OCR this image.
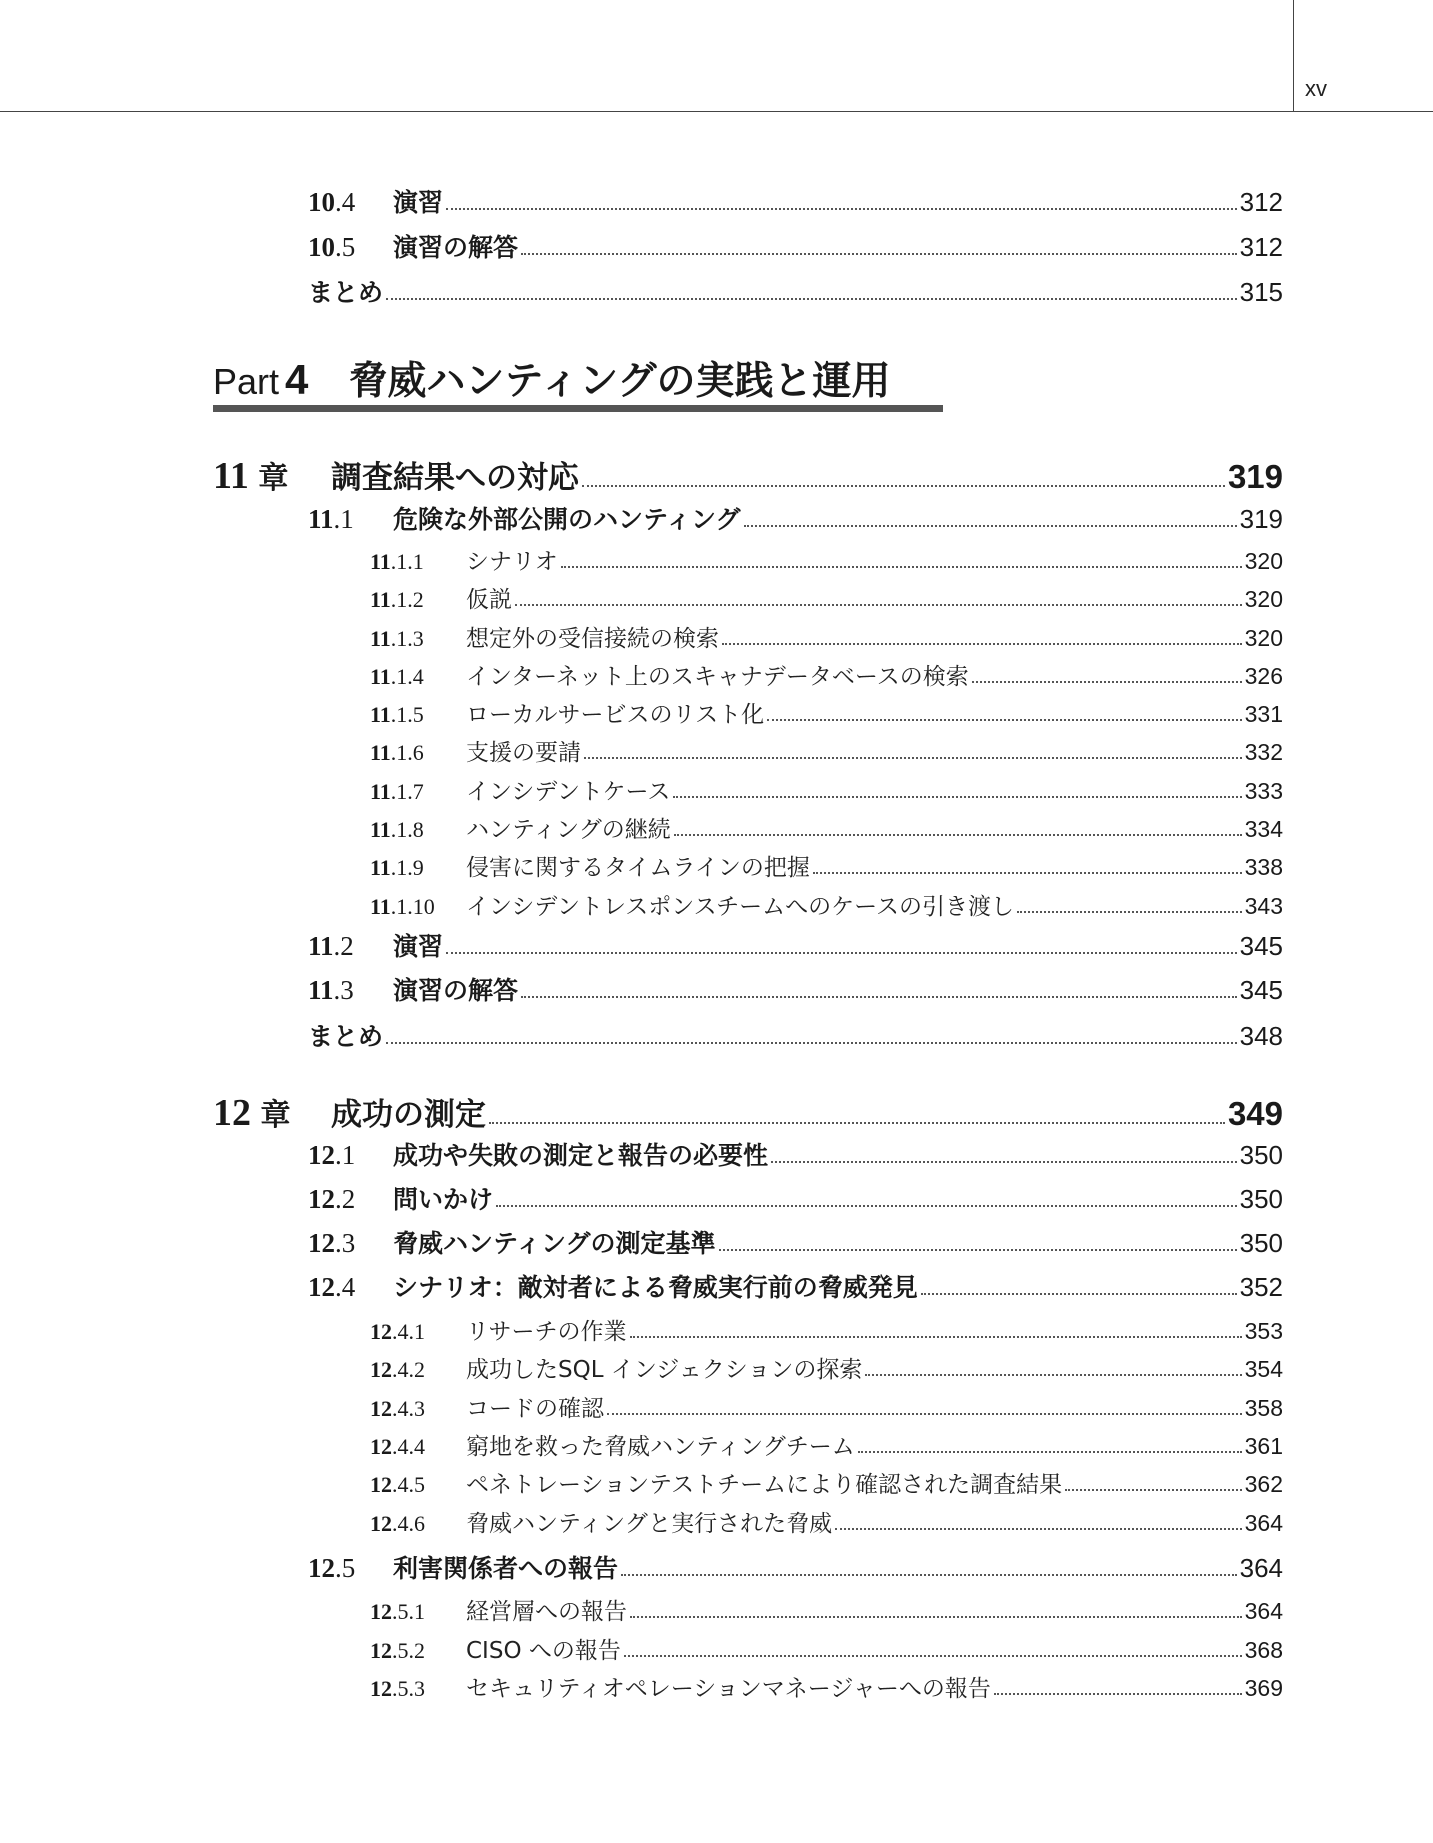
xv
10.4	演習	312
10.5	演習の解答	312
まとめ	315
11.1	危険な外部公開のハンティング	319
11.1.1	シナリオ	320
11.1.2	仮説	320
11.1.3	想定外の受信接続の検索	320
11.1.4	インターネット上のスキャナデータベースの検索	326
11.1.5	ローカルサービスのリスト化	331
11.1.6	支援の要請	332
11.1.7	インシデントケース	333
11.1.8	ハンティングの継続	334
11.1.9	侵害に関するタイムラインの把握	338
11.1.10	インシデントレスポンスチームへのケースの引き渡し	343
11.2	演習	345
11.3	演習の解答	345
まとめ	348
12.1	成功や失敗の測定と報告の必要性	350
12.2	問いかけ	350
12.3	脅威ハンティングの測定基準	350
12.4	シナリオ：敵対者による脅威実行前の脅威発見	352
12.4.1	リサーチの作業	353
12.4.2	成功したSQL インジェクションの探索	354
12.4.3	コードの確認	358
12.4.4	窮地を救った脅威ハンティングチーム	361
12.4.5	ペネトレーションテストチームにより確認された調査結果	362
12.4.6	脅威ハンティングと実行された脅威	364
12.5	利害関係者への報告	364
12.5.1	経営層への報告	364
12.5.2	CISO への報告	368
12.5.3	セキュリティオペレーションマネージャーへの報告	369
Part 4 脅威ハンティングの実践と運用
11 章	調査結果への対応	319
12 章	成功の測定	349
